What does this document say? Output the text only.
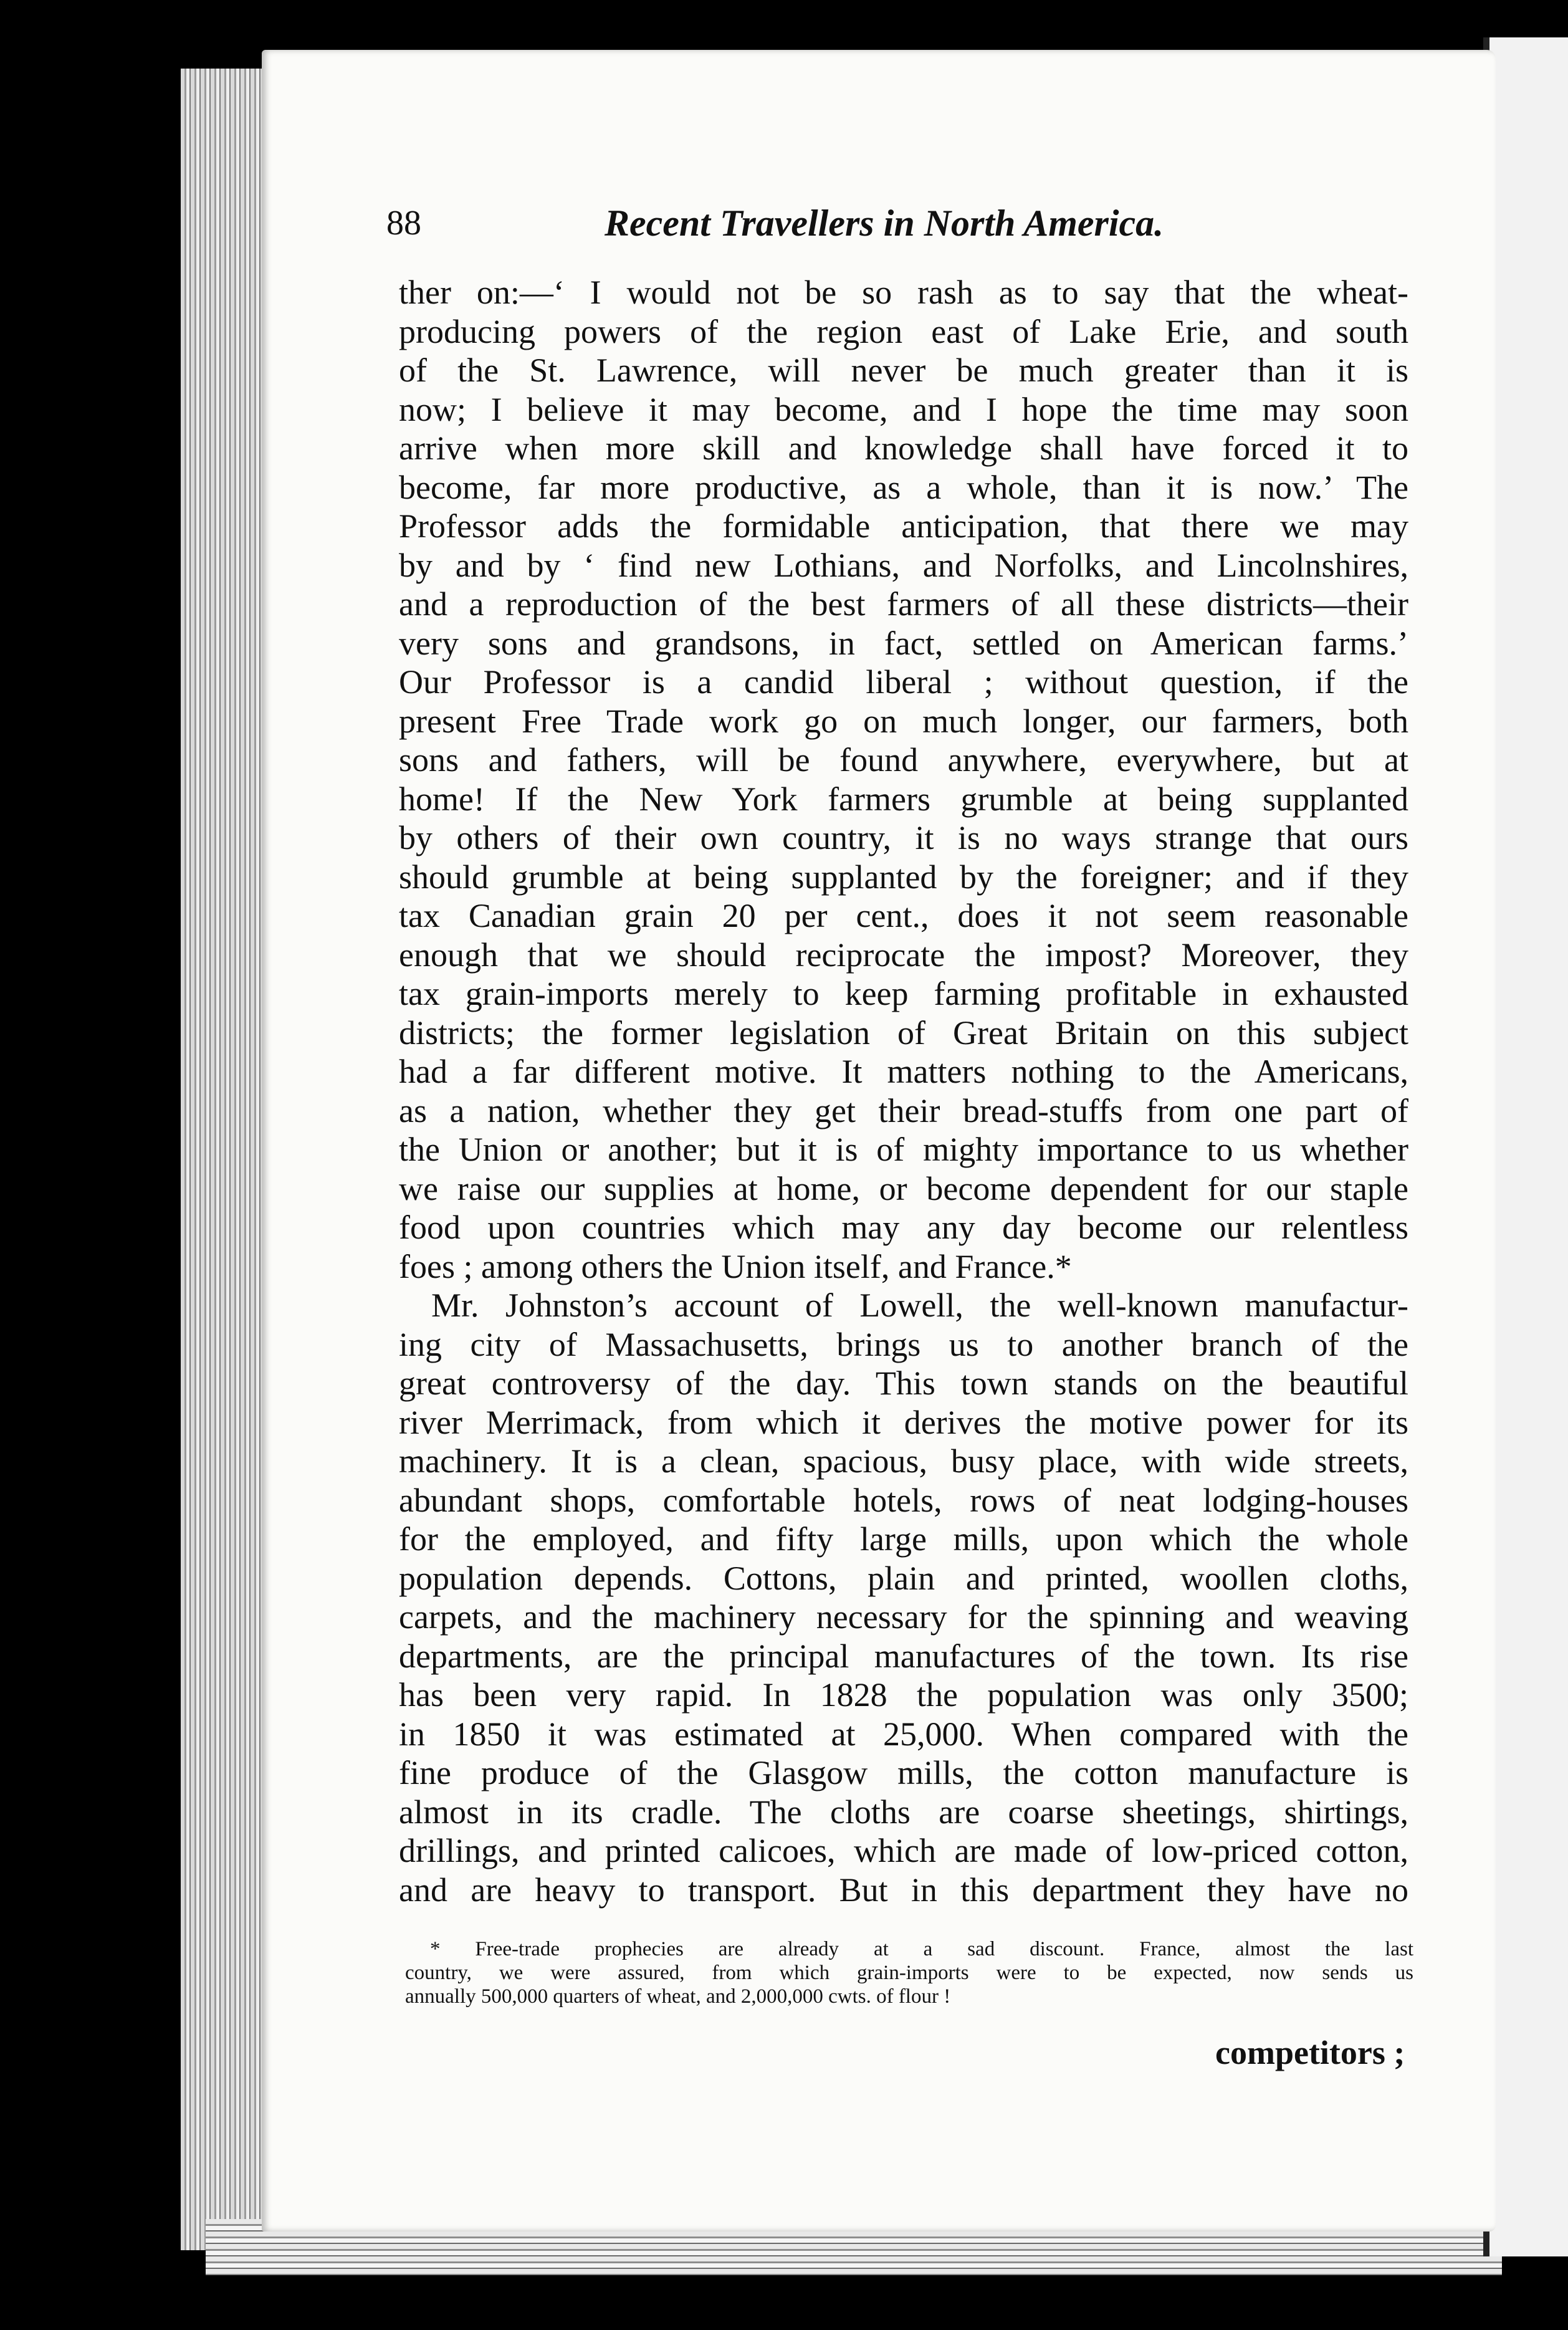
88	Recent Travellers in North America.
ther on:—‘ I would not be so rash as to say that the wheat-
producing powers of the region east of Lake Erie, and south
of the St. Lawrence, will never be much greater than it is
now; I believe it may become, and I hope the time may soon
arrive when more skill and knowledge shall have forced it to
become, far more productive, as a whole, than it is now.’ The
Professor adds the formidable anticipation, that there we may
by and by ‘ find new Lothians, and Norfolks, and Lincolnshires,
and a reproduction of the best farmers of all these districts—their
very sons and grandsons, in fact, settled on American farms.’
Our Professor is a candid liberal ; without question, if the
present Free Trade work go on much longer, our farmers, both
sons and fathers, will be found anywhere, everywhere, but at
home! If the New York farmers grumble at being supplanted
by others of their own country, it is no ways strange that ours
should grumble at being supplanted by the foreigner; and if they
tax Canadian grain 20 per cent., does it not seem reasonable
enough that we should reciprocate the impost? Moreover, they
tax grain-imports merely to keep farming profitable in exhausted
districts; the former legislation of Great Britain on this subject
had a far different motive. It matters nothing to the Americans,
as a nation, whether they get their bread-stuffs from one part of
the Union or another; but it is of mighty importance to us whether
we raise our supplies at home, or become dependent for our staple
food upon countries which may any day become our relentless
foes ; among others the Union itself, and France.*
Mr. Johnston’s account of Lowell, the well-known manufactur-
ing city of Massachusetts, brings us to another branch of the
great controversy of the day. This town stands on the beautiful
river Merrimack, from which it derives the motive power for its
machinery. It is a clean, spacious, busy place, with wide streets,
abundant shops, comfortable hotels, rows of neat lodging-houses
for the employed, and fifty large mills, upon which the whole
population depends. Cottons, plain and printed, woollen cloths,
carpets, and the machinery necessary for the spinning and weaving
departments, are the principal manufactures of the town. Its rise
has been very rapid. In 1828 the population was only 3500;
in 1850 it was estimated at 25,000. When compared with the
fine produce of the Glasgow mills, the cotton manufacture is
almost in its cradle. The cloths are coarse sheetings, shirtings,
drillings, and printed calicoes, which are made of low-priced cotton,
and are heavy to transport. But in this department they have no
* Free-trade prophecies are already at a sad discount. France, almost the last
country, we were assured, from which grain-imports were to be expected, now sends us
annually 500,000 quarters of wheat, and 2,000,000 cwts. of flour !
competitors ;
